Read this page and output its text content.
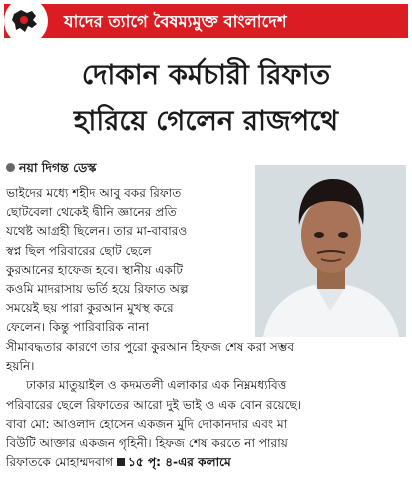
যাদের ত্যাগে বৈষম্যমুক্ত বাংলাদেশ
দোকান কর্মচারী রিফাত
হারিয়ে গেলেন রাজপথে
নয়া দিগন্ত ডেস্ক
ভাইদের মধ্যে শহীদ আবু বকর রিফাত
ছোটবেলা থেকেই দ্বীনি জ্ঞানের প্রতি
যথেষ্ট আগ্রহী ছিলেন। তার মা-বাবারও
স্বপ্ন ছিল পরিবারের ছোট ছেলে
কুরআনের হাফেজ হবে। স্থানীয় একটি
কওমি মাদরাসায় ভর্তি হয়ে রিফাত অল্প
সময়েই ছয় পারা কুরআন মুখস্থ করে
ফেলেন। কিন্তু পারিবারিক নানা
সীমাবদ্ধতার কারণে তার পুরো কুরআন হিফজ শেষ করা সম্ভব
হয়নি।
ঢাকার মাতুয়াইল ও কদমতলী এলাকার এক নিম্নমধ্যবিত্ত
পরিবারের ছেলে রিফাতের আরো দুই ভাই ও এক বোন রয়েছে।
বাবা মো: আওলাদ হোসেন একজন মুদি দোকানদার এবং মা
বিউটি আক্তার একজন গৃহিনী। হিফজ শেষ করতে না পারায়
রিফাতকে মোহাম্মদবাগ ১৫ পৃ: ৪-এর কলামে
